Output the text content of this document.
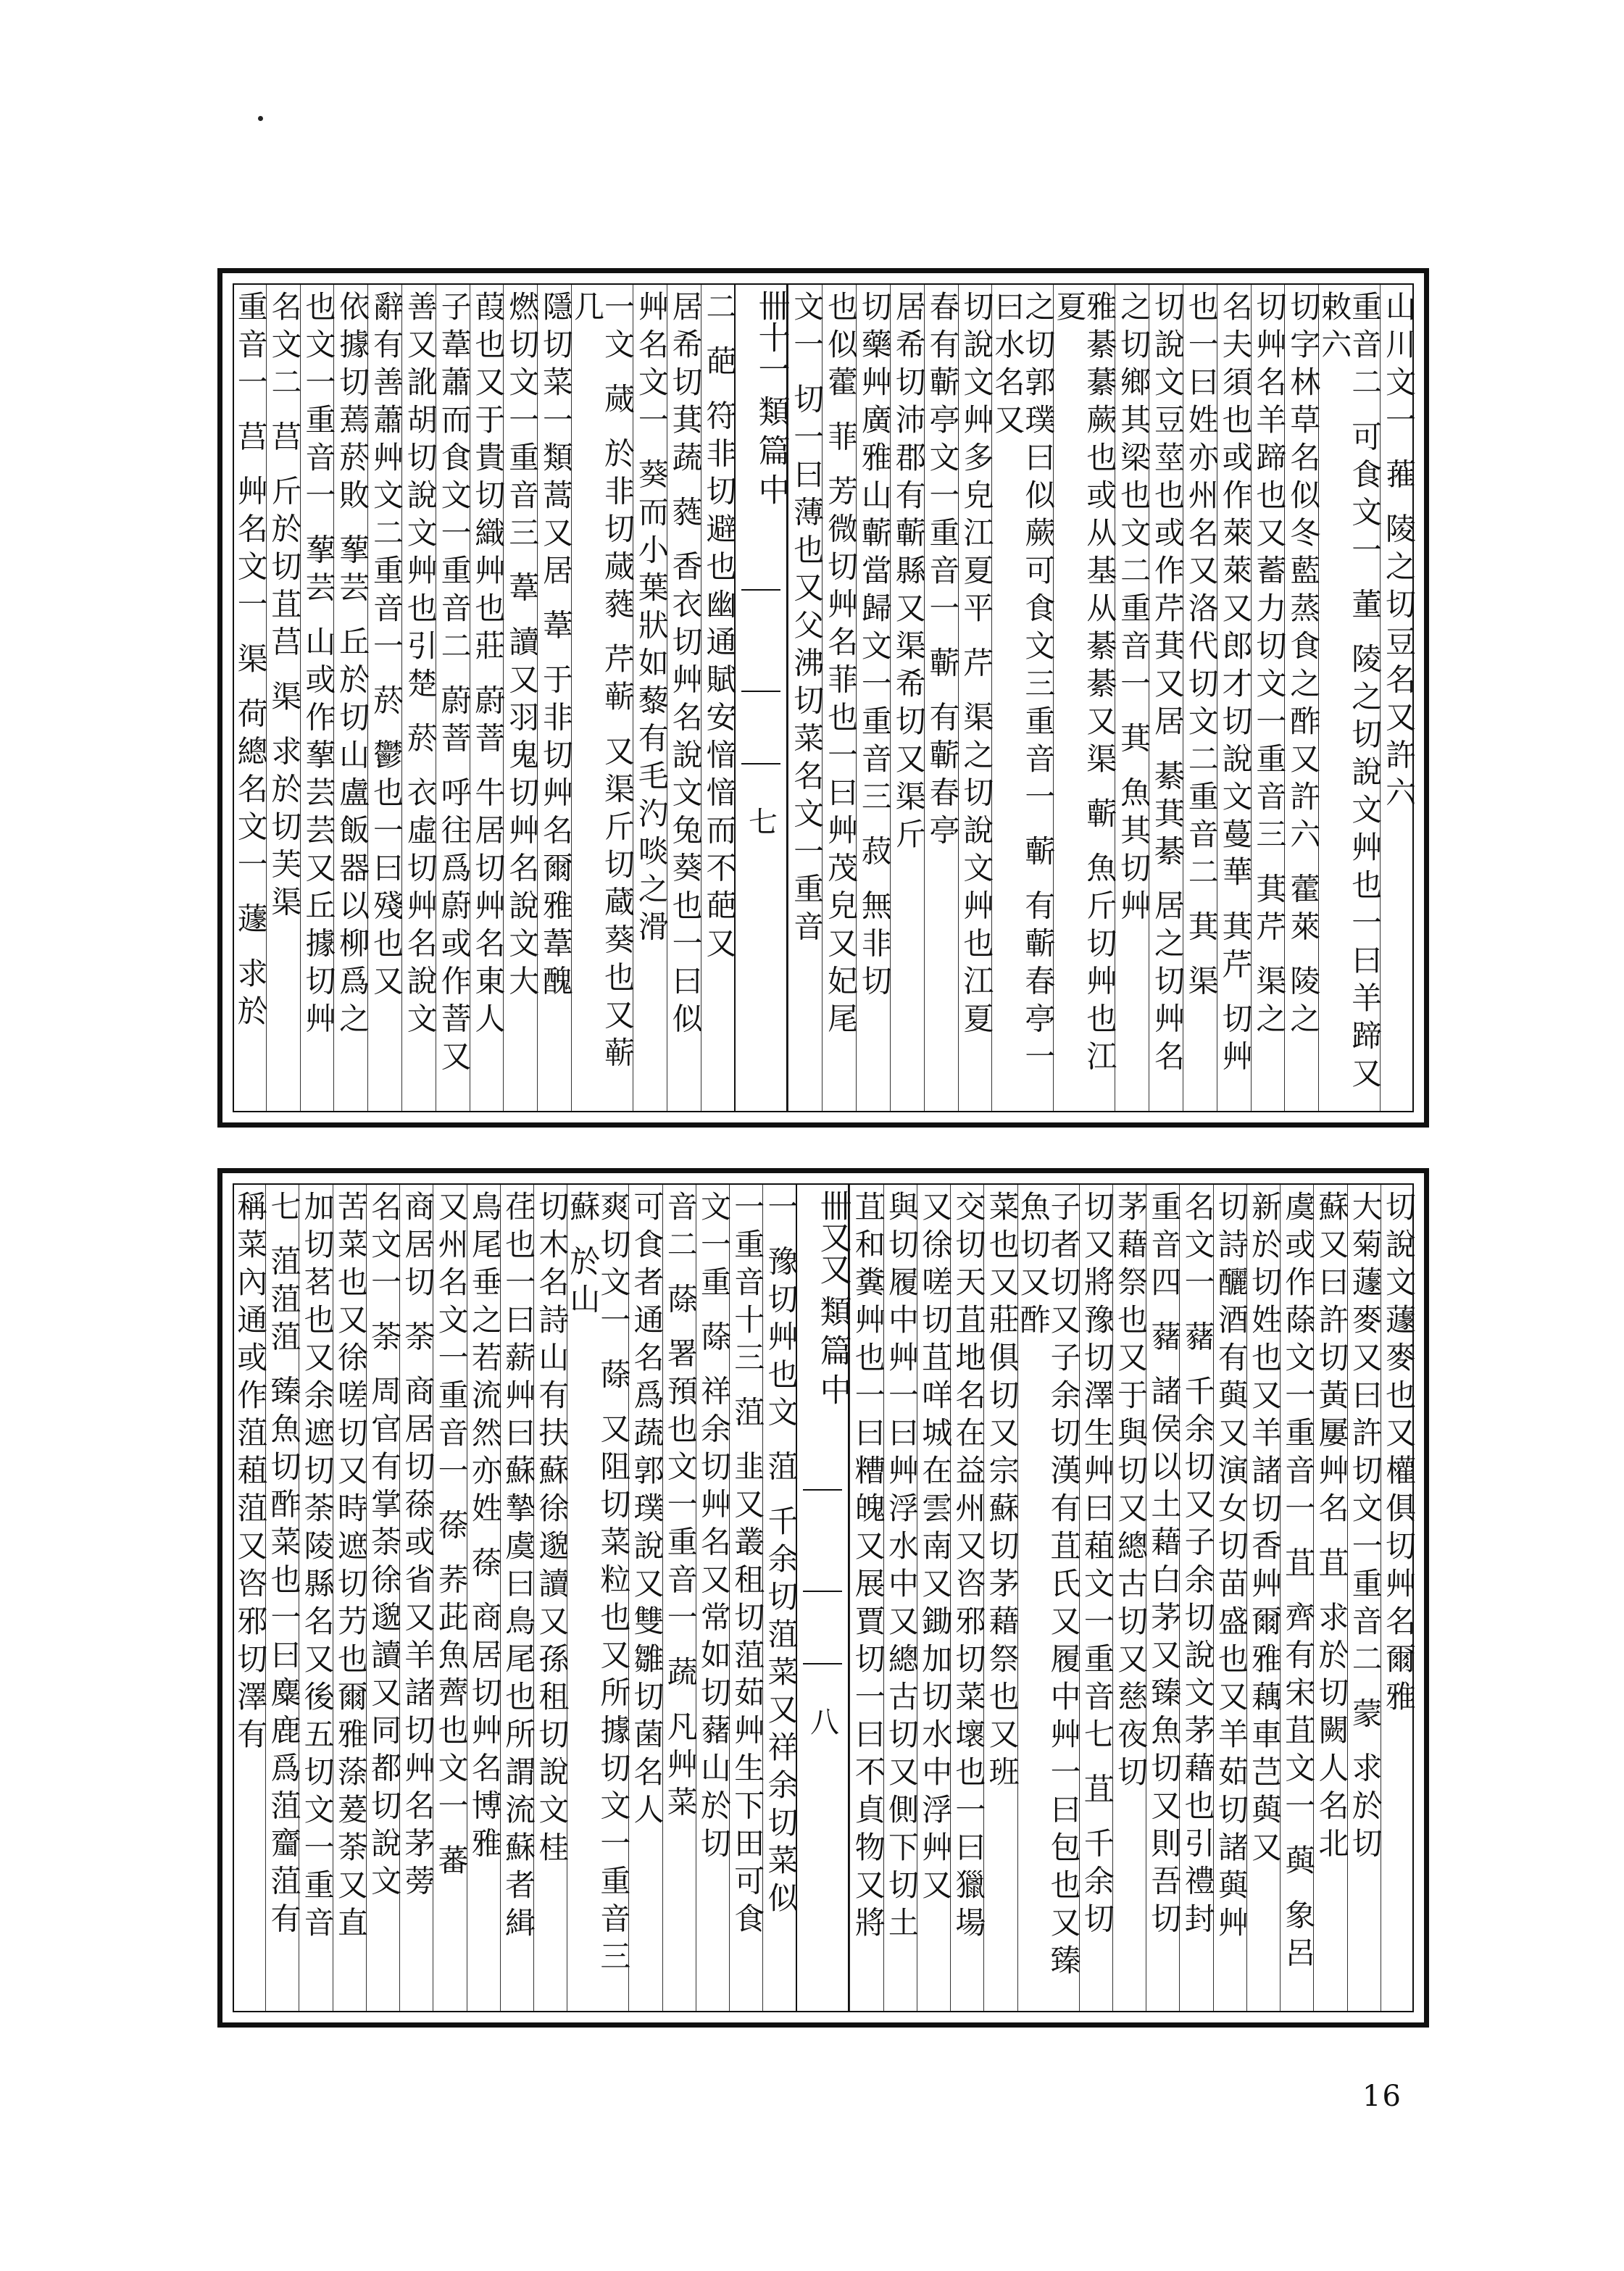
山川文一 蓷 陵之切豆名又許六
重音二 可食文一 董 陵之切說文艸也一曰羊蹄又敕六
切字林草名似冬藍蒸食之酢又許六 藿萊 陵之
切艸名羊蹄也又蓄力切文一重音三 萁芹 渠之
名夫須也或作萊萊又郎才切說文蔓華 萁芹 切艸
也一曰姓亦州名又洛代切文二重音二 萁 渠
切說文豆莖也或作芹萁又居 綦萁綦 居之切艸名
之切鄉其梁也文二重音一 萁 魚其切艸
雅綦藄蕨也或从基从綦綦又渠 蘄 魚斤切艸也江夏
之切郭璞曰似蕨可食文三重音一 蘄 有蘄春亭一曰水名又
切說文艸多皃江夏平 芹 渠之切說文艸也江夏
春有蘄亭文一重音一 蘄 有蘄春亭
居希切沛郡有蘄縣又渠希切又渠斤
切藥艸廣雅山蘄當歸文一重音三 菽 無非切
也似藿 菲 芳微切艸名菲也一曰艸茂皃又妃尾
文一 切一曰薄也又父沸切菜名文一重音
卌十一 類篇中
七
二 葩 符非切避也幽通賦安愔愔而不葩又
居希切萁蔬 蕤 香衣切艸名說文兔葵也一曰似
艸名文一 葵而小葉狀如藜有毛汋啖之滑
一文 蒇 於非切蒇蕤 芹蕲 又渠斤切蔵葵也又蕲几
隱切菜一類蒿又居 葦 于非切艸名爾雅葦醜
燃切文一重音三 葦 讀又羽鬼切艸名說文大
葭也又于貴切織艸也莊 蔚萻 牛居切艸名東人
子葦蕭而食文一重音二 蔚萻 呼往爲蔚或作萻又
善又訛胡切說文艸也引楚 菸 衣虛切艸名說文
辭有善蕭艸文二重音一 菸 鬱也一曰殘也又
依據切蔫菸敗 蒘芸 丘於切山盧飯器以柳爲之
也文一重音一 蒘芸 山或作蒘芸芸又丘據切艸
名文二 莒 斤於切苴莒 渠 求於切芙渠
重音一 莒 艸名文一 渠 荷總名文一 蘧 求於
切說文蘧麥也又權俱切艸名爾雅
大菊蘧麥又曰許切文一重音二 蒙 求於切
蘇又曰許切黃屢艸名 苴 求於切闕人名北
虞或作蒢文一重音一 苴 齊有宋苴文一 藇 象呂
新於切姓也又羊諸切香艸爾雅藕車芑藇又
切詩釃酒有藇又演女切苗盛也又羊茹切諸藇艸
名文一 藸 千余切又子余切說文茅藉也引禮封
重音四 藸 諸侯以土藉白茅又臻魚切又則吾切
茅藉祭也又于與切又總古切又慈夜切
切又將豫切澤生艸曰蒩文一重音七 苴 千余切
子者切又子余切漢有苴氏又履中艸一曰包也又臻魚切又酢
菜也又莊俱切又宗蘇切茅藉祭也又班
交切天苴地名在益州又咨邪切菜壞也一曰獵場
又徐嗟切苴咩城在雲南又鋤加切水中浮艸又
與切履中艸一曰艸浮水中又總古切又側下切土
苴和糞艸也一曰糟魄又展賈切一曰不貞物又將
卌又又 類篇中
八
一 豫切艸也文 菹 千余切菹菜又祥余切菜似
一重音十三 菹 韭又叢租切菹茹艸生下田可食
文一重 蒢 祥余切艸名又常如切藸山於切
音二 蒢 署預也文一重音一 蔬 凡艸菜
可食者通名爲蔬郭璞說又雙雛切菌名人
爽切文一 蒢 又阻切菜粒也又所據切文一重音三 蘇 於山
切木名詩山有扶蘇徐邈讀又孫租切說文桂
荏也一曰薪艸曰蘇摯虞曰鳥尾也所謂流蘇者緝
鳥尾垂之若流然亦姓 蒣 商居切艸名博雅
又州名文一重音一 蒣 荞茈魚薺也文一 蕃
商居切 荼 商居切蒣或省又羊諸切艸名茅蒡
名文一 荼 周官有掌荼徐邈讀又同都切說文
苦菜也又徐嗟切又時遮切芀也爾雅蒤萲荼又直
加切茗也又余遮切荼陵縣名又後五切文一重音
七 菹菹菹 臻魚切酢菜也一曰麋鹿爲菹齏菹有
稱菜內通或作菹蒩菹又咨邪切澤有
16
